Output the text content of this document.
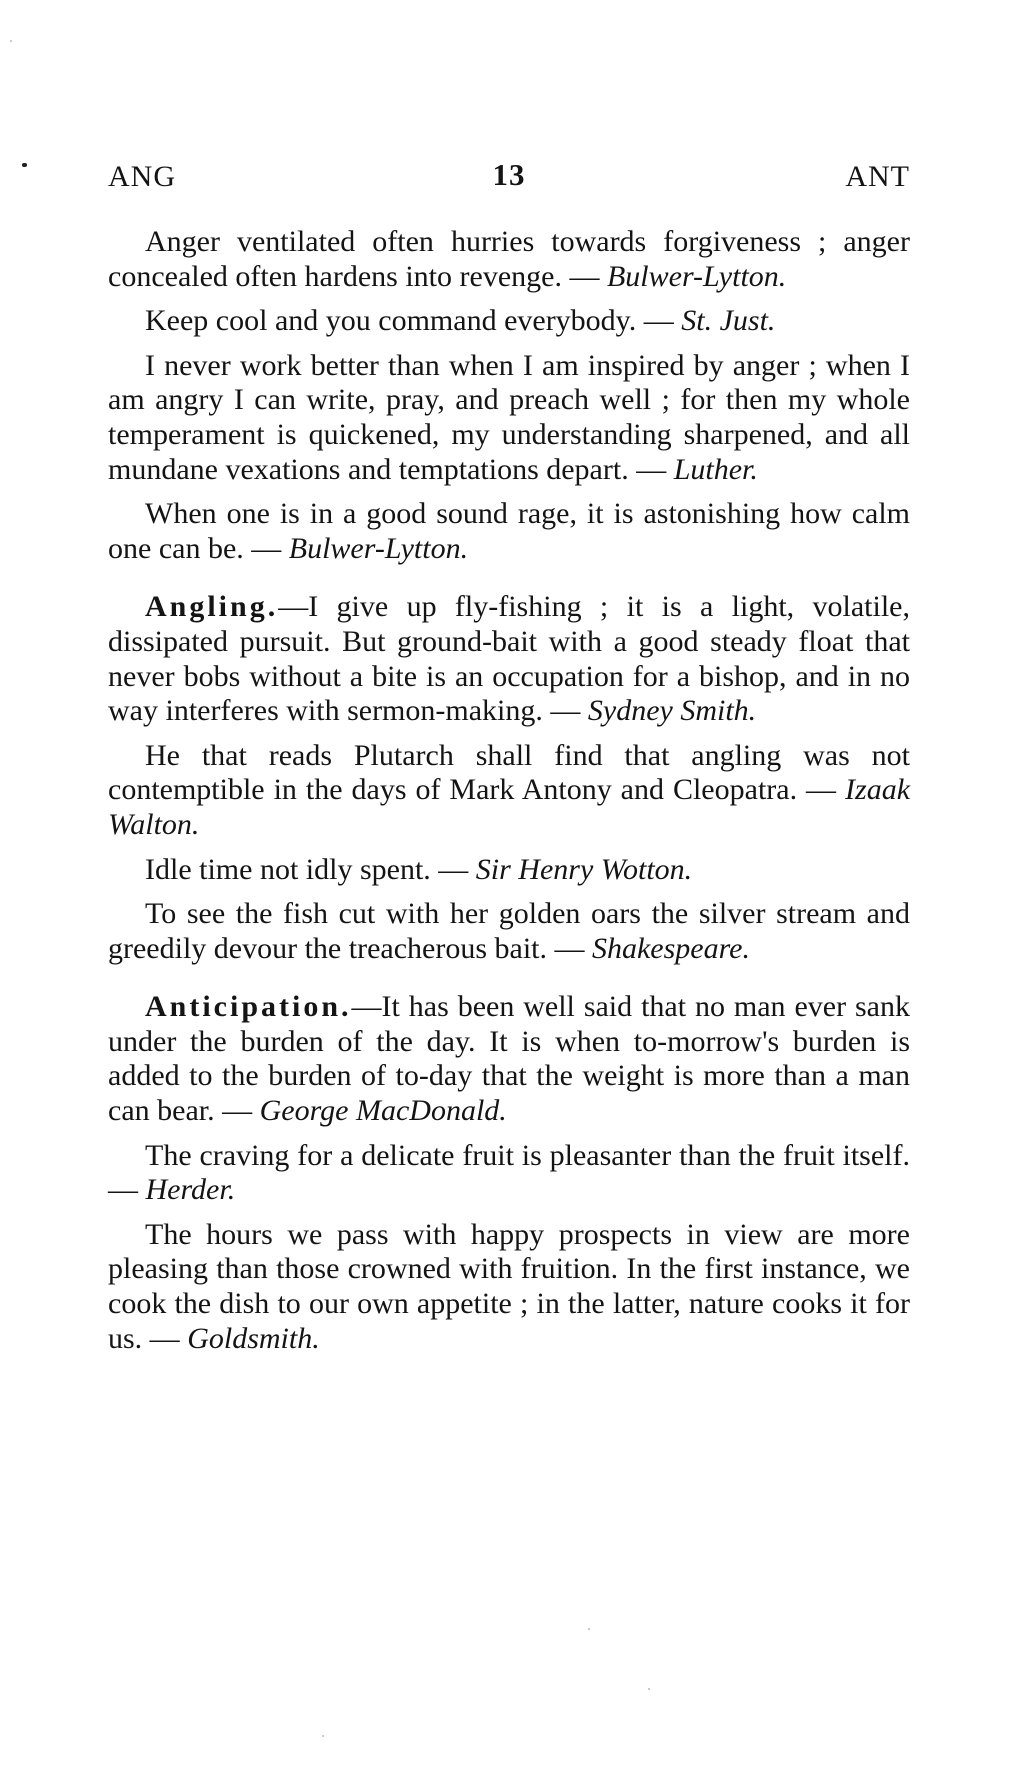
ANG	13	ANT

Anger ventilated often hurries towards forgiveness ; anger concealed often hardens into revenge. — Bulwer-Lytton.

Keep cool and you command everybody. — St. Just.

I never work better than when I am inspired by anger ; when I am angry I can write, pray, and preach well ; for then my whole temperament is quickened, my understanding sharpened, and all mundane vexations and temptations depart. — Luther.

When one is in a good sound rage, it is astonishing how calm one can be. — Bulwer-Lytton.

Angling.—I give up fly-fishing ; it is a light, volatile, dissipated pursuit. But ground-bait with a good steady float that never bobs without a bite is an occupation for a bishop, and in no way interferes with sermon-making. — Sydney Smith.

He that reads Plutarch shall find that angling was not contemptible in the days of Mark Antony and Cleopatra. — Izaak Walton.

Idle time not idly spent. — Sir Henry Wotton.

To see the fish cut with her golden oars the silver stream and greedily devour the treacherous bait. — Shakespeare.

Anticipation.—It has been well said that no man ever sank under the burden of the day. It is when to-morrow's burden is added to the burden of to-day that the weight is more than a man can bear. — George MacDonald.

The craving for a delicate fruit is pleasanter than the fruit itself. — Herder.

The hours we pass with happy prospects in view are more pleasing than those crowned with fruition. In the first instance, we cook the dish to our own appetite ; in the latter, nature cooks it for us. — Goldsmith.
